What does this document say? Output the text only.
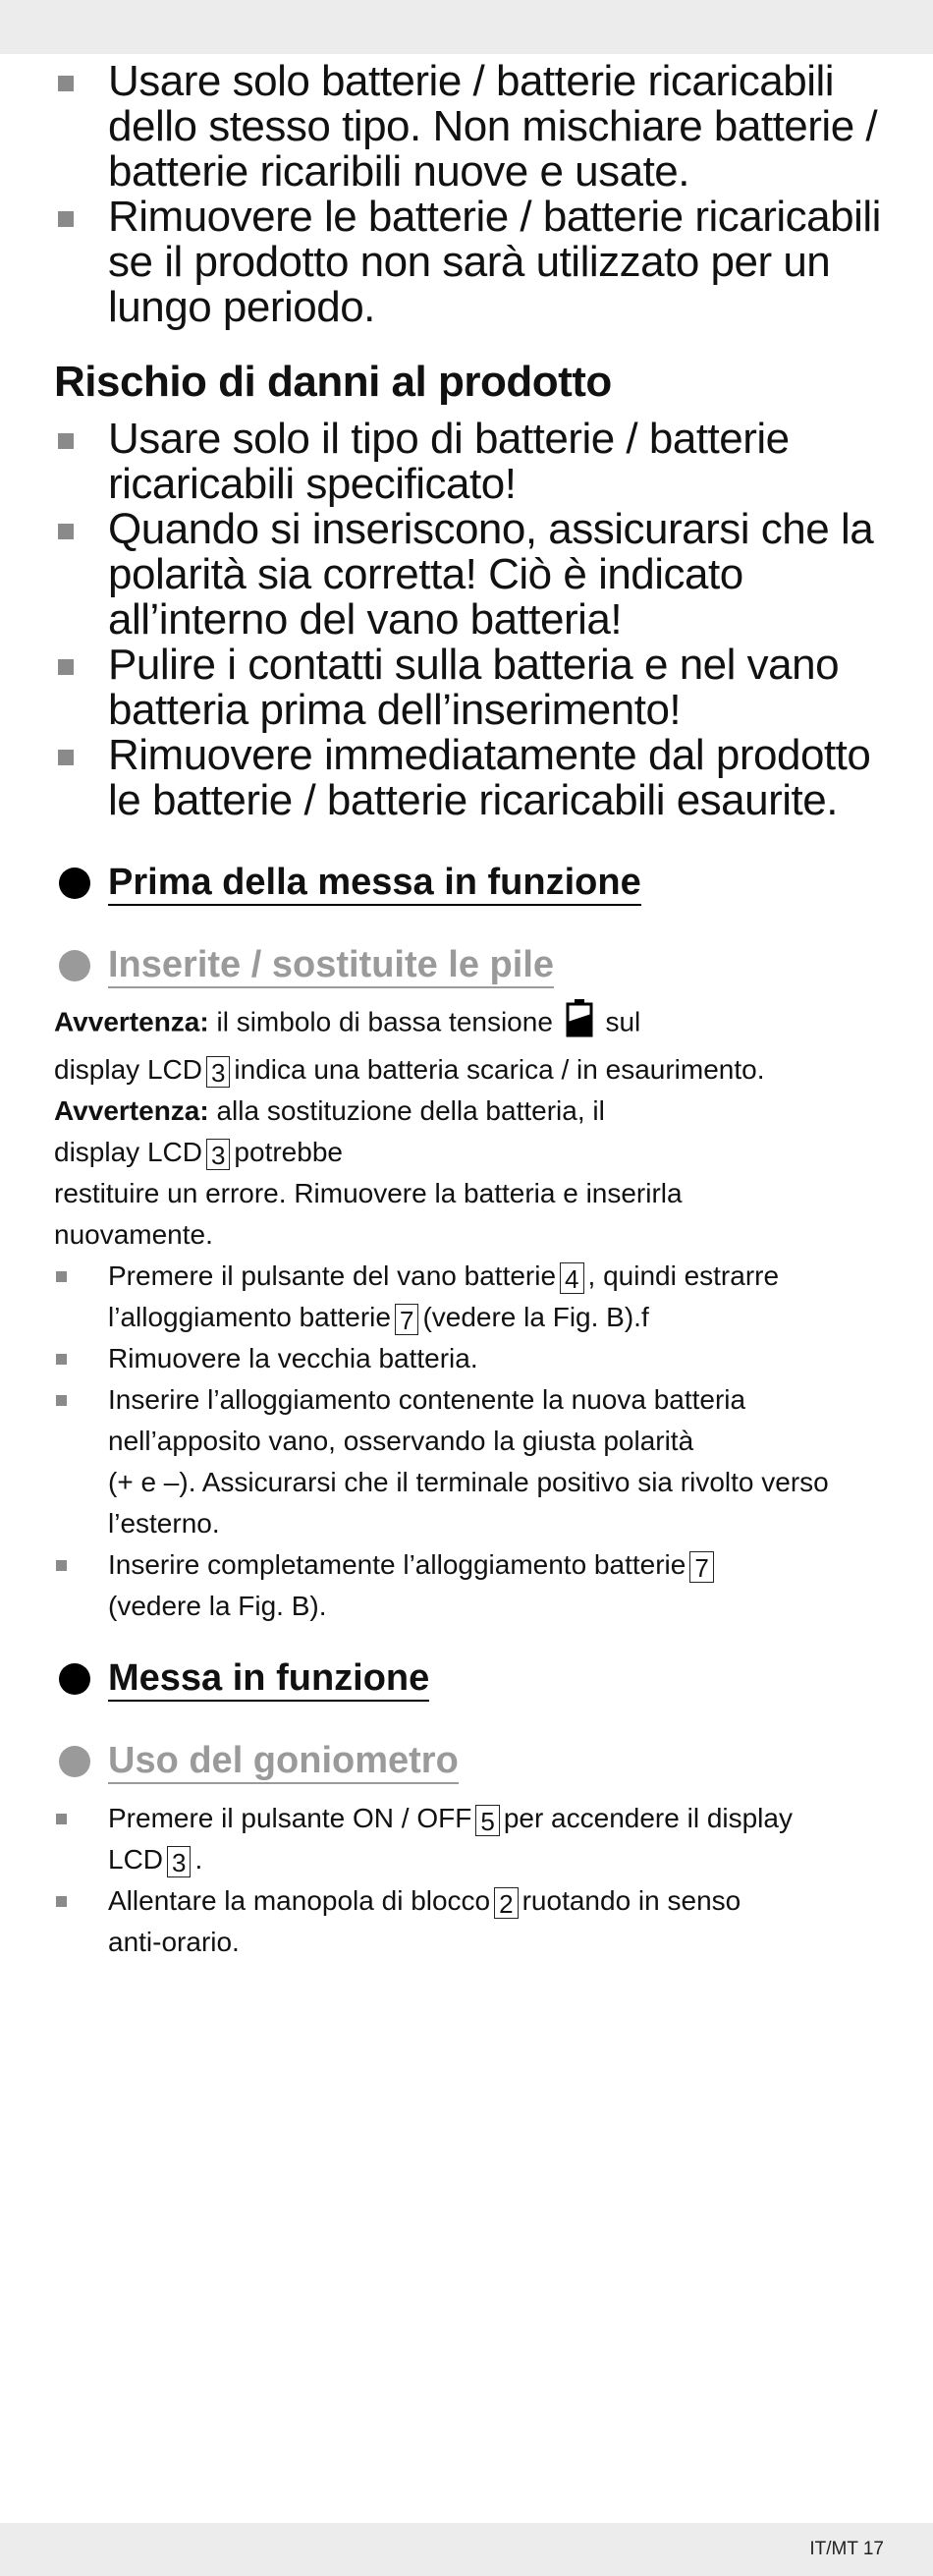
Usare solo batterie / batterie ricaricabili dello stesso tipo. Non mischiare batterie / batterie ricaribili nuove e usate.
Rimuovere le batterie / batterie ricaricabili se il prodotto non sarà utilizzato per un lungo periodo.
Rischio di danni al prodotto
Usare solo il tipo di batterie / batterie ricaricabili specificato!
Quando si inseriscono, assicurarsi che la polarità sia corretta! Ciò è indicato all’interno del vano batteria!
Pulire i contatti sulla batteria e nel vano batteria prima dell’inserimento!
Rimuovere immediatamente dal prodotto le batterie / batterie ricaricabili esaurite.
Prima della messa in funzione
Inserite / sostituite le pile

Avvertenza: il simbolo di bassa tensione sul

display LCD 3 indica una batteria scarica / in esaurimento.

Avvertenza: alla sostituzione della batteria, il

display LCD 3 potrebbe

restituire un errore. Rimuovere la batteria e inserirla

nuovamente.

Premere il pulsante del vano batterie 4 , quindi estrarre
l’alloggiamento batterie 7 (vedere la Fig. B).f
Rimuovere la vecchia batteria.
Inserire l’alloggiamento contenente la nuova batteria
nell’apposito vano, osservando la giusta polarità
(+ e –). Assicurarsi che il terminale positivo sia rivolto verso
l’esterno.
Inserire completamente l’alloggiamento batterie 7
(vedere la Fig. B).
Messa in funzione
Uso del goniometro
Premere il pulsante ON / OFF 5 per accendere il display
LCD 3 .
Allentare la manopola di blocco 2 ruotando in senso
anti-orario.
IT/MT 17
